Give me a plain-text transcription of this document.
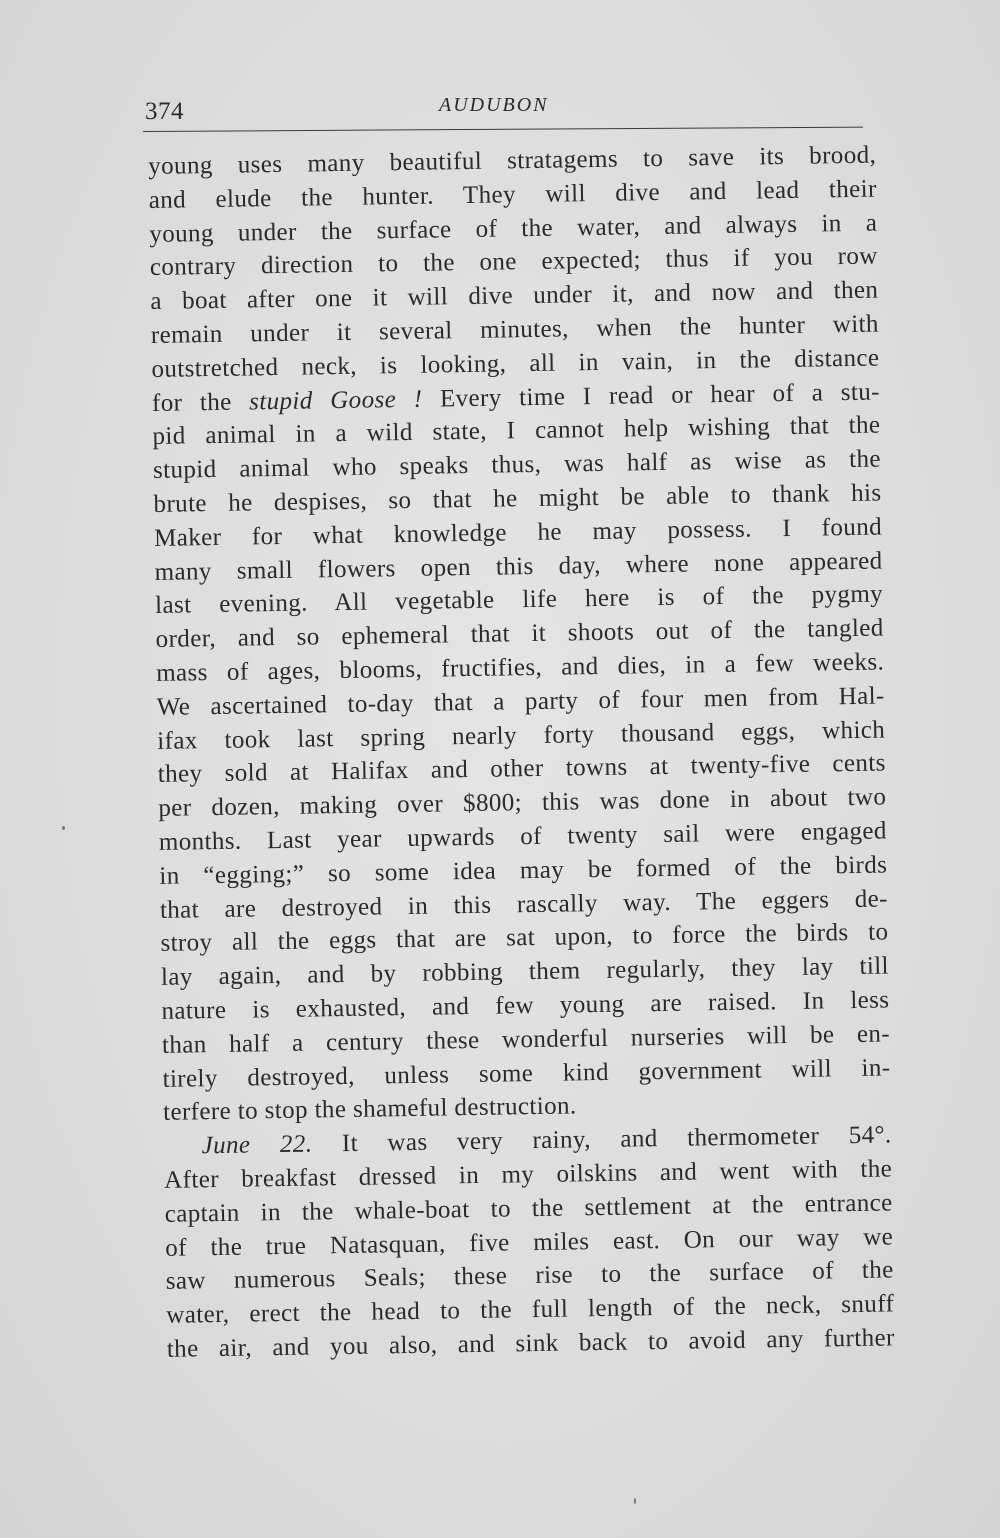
374	AUDUBON
young uses many beautiful stratagems to save its brood,
and elude the hunter. They will dive and lead their
young under the surface of the water, and always in a
contrary direction to the one expected; thus if you row
a boat after one it will dive under it, and now and then
remain under it several minutes, when the hunter with
outstretched neck, is looking, all in vain, in the distance
for the stupid Goose ! Every time I read or hear of a stu-
pid animal in a wild state, I cannot help wishing that the
stupid animal who speaks thus, was half as wise as the
brute he despises, so that he might be able to thank his
Maker for what knowledge he may possess. I found
many small flowers open this day, where none appeared
last evening. All vegetable life here is of the pygmy
order, and so ephemeral that it shoots out of the tangled
mass of ages, blooms, fructifies, and dies, in a few weeks.
We ascertained to-day that a party of four men from Hal-
ifax took last spring nearly forty thousand eggs, which
they sold at Halifax and other towns at twenty-five cents
per dozen, making over $800; this was done in about two
months. Last year upwards of twenty sail were engaged
in “egging;” so some idea may be formed of the birds
that are destroyed in this rascally way. The eggers de-
stroy all the eggs that are sat upon, to force the birds to
lay again, and by robbing them regularly, they lay till
nature is exhausted, and few young are raised. In less
than half a century these wonderful nurseries will be en-
tirely destroyed, unless some kind government will in-
terfere to stop the shameful destruction.
June 22. It was very rainy, and thermometer 54°.
After breakfast dressed in my oilskins and went with the
captain in the whale-boat to the settlement at the entrance
of the true Natasquan, five miles east. On our way we
saw numerous Seals; these rise to the surface of the
water, erect the head to the full length of the neck, snuff
the air, and you also, and sink back to avoid any further
